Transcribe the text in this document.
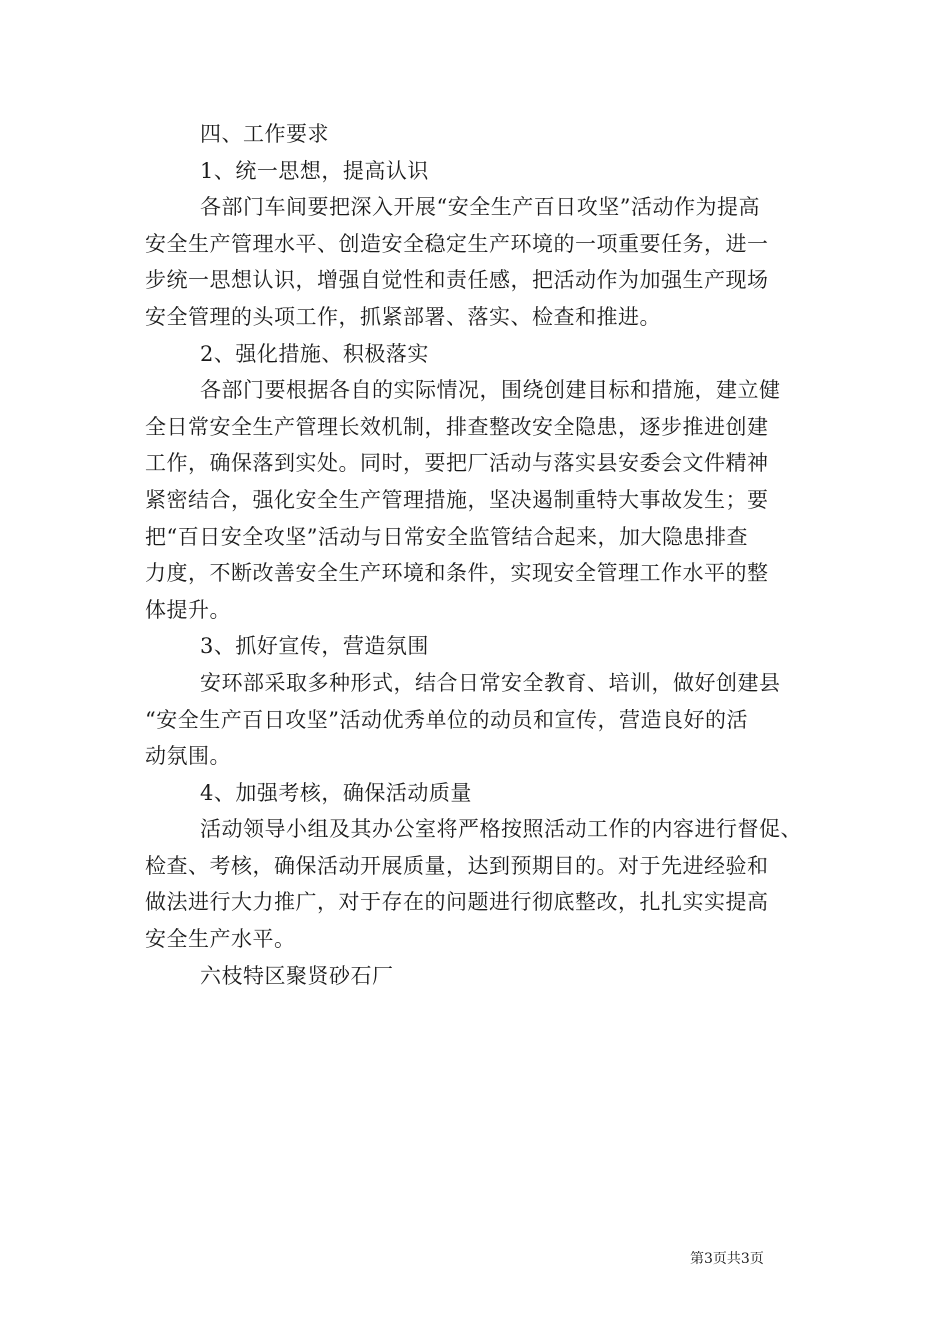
四、工作要求
1、统一思想，提高认识
各部门车间要把深入开展“安全生产百日攻坚”活动作为提高
安全生产管理水平、创造安全稳定生产环境的一项重要任务，进一
步统一思想认识，增强自觉性和责任感，把活动作为加强生产现场
安全管理的头项工作，抓紧部署、落实、检查和推进。
2、强化措施、积极落实
各部门要根据各自的实际情况，围绕创建目标和措施，建立健
全日常安全生产管理长效机制，排查整改安全隐患，逐步推进创建
工作，确保落到实处。同时，要把厂活动与落实县安委会文件精神
紧密结合，强化安全生产管理措施，坚决遏制重特大事故发生；要
把“百日安全攻坚”活动与日常安全监管结合起来，加大隐患排查
力度，不断改善安全生产环境和条件，实现安全管理工作水平的整
体提升。
3、抓好宣传，营造氛围
安环部采取多种形式，结合日常安全教育、培训，做好创建县
“安全生产百日攻坚”活动优秀单位的动员和宣传，营造良好的活
动氛围。
4、加强考核，确保活动质量
活动领导小组及其办公室将严格按照活动工作的内容进行督促、
检查、考核，确保活动开展质量，达到预期目的。对于先进经验和
做法进行大力推广，对于存在的问题进行彻底整改，扎扎实实提高
安全生产水平。
六枝特区聚贤砂石厂
第3页共3页
